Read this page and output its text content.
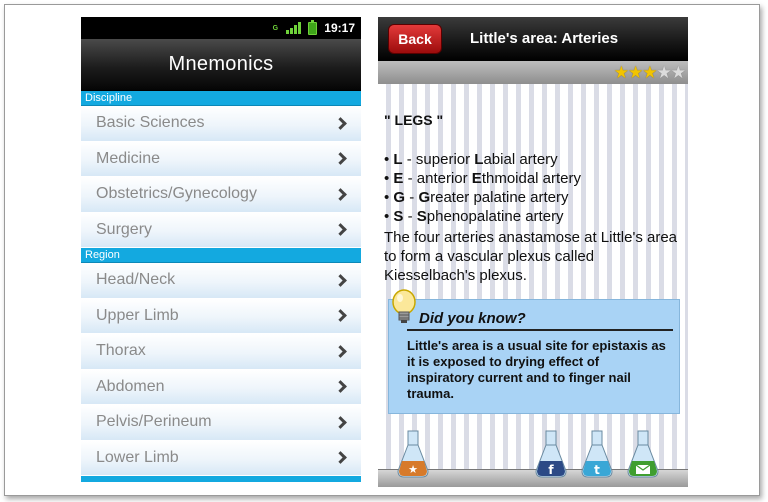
G	19:17
Mnemonics
Discipline
Basic Sciences
Medicine
Obstetrics/Gynecology
Surgery
Region
Head/Neck
Upper Limb
Thorax
Abdomen
Pelvis/Perineum
Lower Limb
Back	Little's area: Arteries
★ ★ ★ ★ ★
" LEGS "
• L - superior Labial artery
• E - anterior Ethmoidal artery
• G - Greater palatine artery
• S - Sphenopalatine artery
The four arteries anastamose at Little's area to form a vascular plexus called Kiesselbach's plexus.
Did you know?
Little's area is a usual site for epistaxis as it is exposed to drying effect of inspiratory current and to finger nail trauma.
★	f	t
